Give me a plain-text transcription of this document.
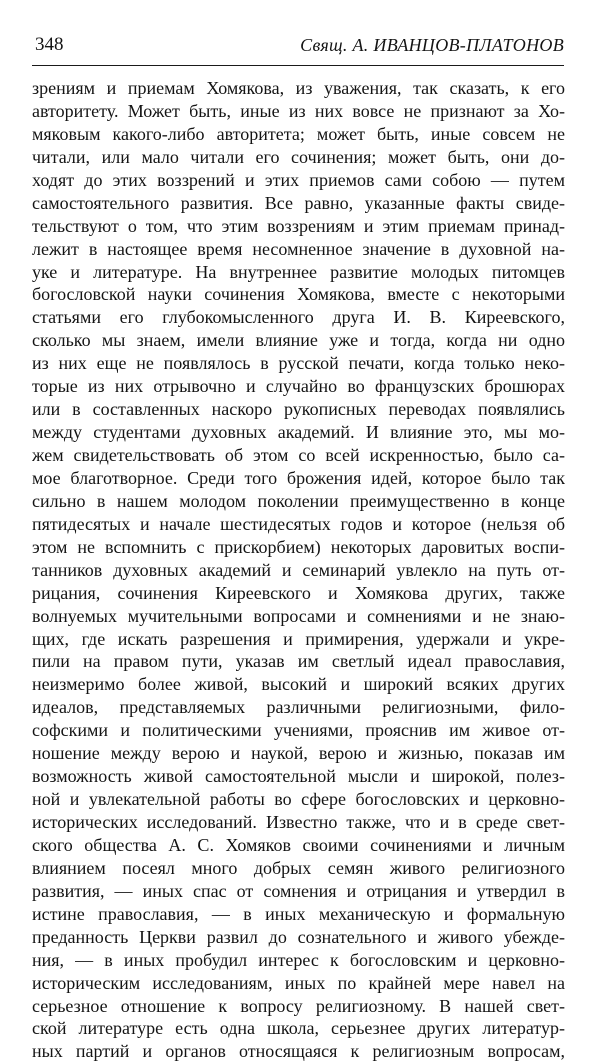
348	Свящ. А. ИВАНЦОВ-ПЛАТОНОВ
зрениям и приемам Хомякова, из уважения, так сказать, к его
авторитету. Может быть, иные из них вовсе не признают за Хо-
мяковым какого-либо авторитета; может быть, иные совсем не
читали, или мало читали его сочинения; может быть, они до-
ходят до этих воззрений и этих приемов сами собою — путем
самостоятельного развития. Все равно, указанные факты свиде-
тельствуют о том, что этим воззрениям и этим приемам принад-
лежит в настоящее время несомненное значение в духовной на-
уке и литературе. На внутреннее развитие молодых питомцев
богословской науки сочинения Хомякова, вместе с некоторыми
статьями его глубокомысленного друга И. В. Киреевского,
сколько мы знаем, имели влияние уже и тогда, когда ни одно
из них еще не появлялось в русской печати, когда только неко-
торые из них отрывочно и случайно во французских брошюрах
или в составленных наскоро рукописных переводах появлялись
между студентами духовных академий. И влияние это, мы мо-
жем свидетельствовать об этом со всей искренностью, было са-
мое благотворное. Среди того брожения идей, которое было так
сильно в нашем молодом поколении преимущественно в конце
пятидесятых и начале шестидесятых годов и которое (нельзя об
этом не вспомнить с прискорбием) некоторых даровитых воспи-
танников духовных академий и семинарий увлекло на путь от-
рицания, сочинения Киреевского и Хомякова других, также
волнуемых мучительными вопросами и сомнениями и не знаю-
щих, где искать разрешения и примирения, удержали и укре-
пили на правом пути, указав им светлый идеал православия,
неизмеримо более живой, высокий и широкий всяких других
идеалов, представляемых различными религиозными, фило-
софскими и политическими учениями, прояснив им живое от-
ношение между верою и наукой, верою и жизнью, показав им
возможность живой самостоятельной мысли и широкой, полез-
ной и увлекательной работы во сфере богословских и церковно-
исторических исследований. Известно также, что и в среде свет-
ского общества А. С. Хомяков своими сочинениями и личным
влиянием посеял много добрых семян живого религиозного
развития, — иных спас от сомнения и отрицания и утвердил в
истине православия, — в иных механическую и формальную
преданность Церкви развил до сознательного и живого убежде-
ния, — в иных пробудил интерес к богословским и церковно-
историческим исследованиям, иных по крайней мере навел на
серьезное отношение к вопросу религиозному. В нашей свет-
ской литературе есть одна школа, серьезнее других литератур-
ных партий и органов относящаяся к религиозным вопросам,
